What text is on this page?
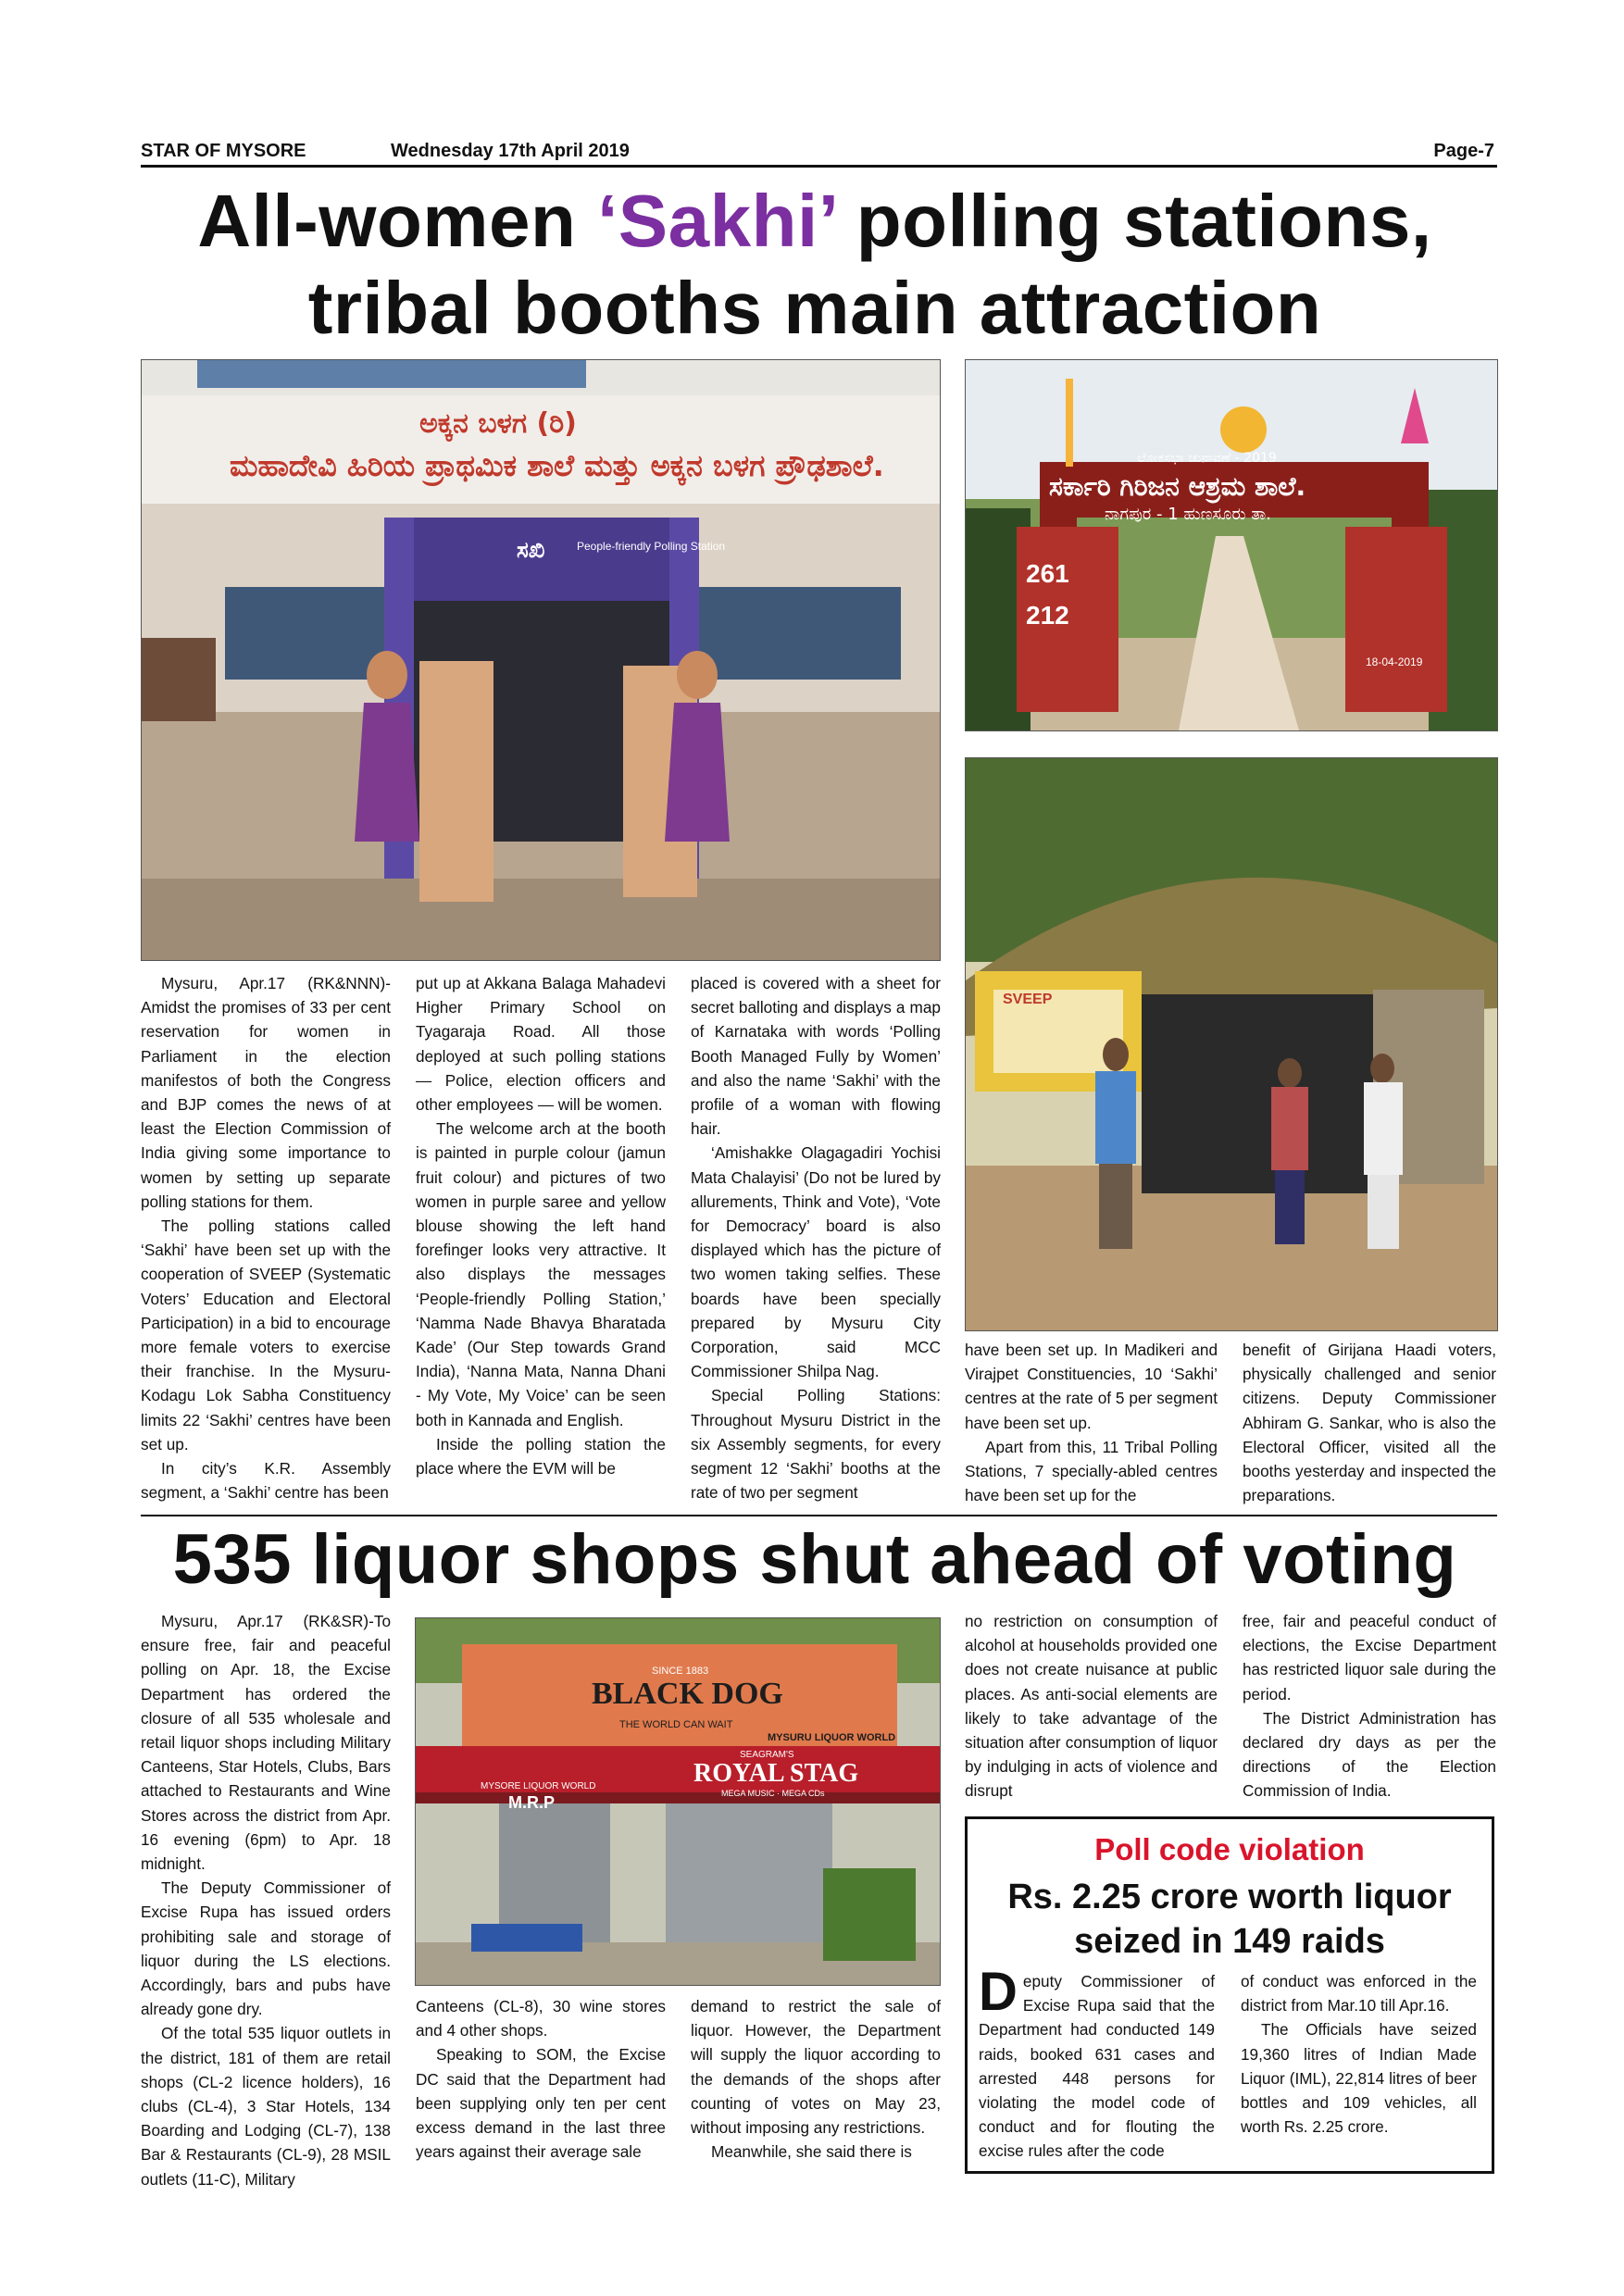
STAR OF MYSORE	Wednesday 17th April 2019	Page-7
All-women ‘Sakhi’ polling stations,
tribal booths main attraction
ಅಕ್ಕನ ಬಳಗ (ರಿ)
ಮಹಾದೇವಿ ಹಿರಿಯ ಪ್ರಾಥಮಿಕ ಶಾಲೆ ಮತ್ತು ಅಕ್ಕನ ಬಳಗ ಪ್ರೌಢಶಾಲೆ.
ಸಖಿ	People-friendly Polling Station
ಲೋಕಸಭಾ ಚುನಾವಣೆ - 2019
ಸರ್ಕಾರಿ ಗಿರಿಜನ ಆಶ್ರಮ ಶಾಲೆ.
ನಾಗಪುರ - 1 ಹುಣಸೂರು ತಾ.
261
212
18-04-2019
SVEEP

Mysuru, Apr.17 (RK&NNN)- Amidst the promises of 33 per cent reservation for women in Parliament in the election manifestos of both the Congress and BJP comes the news of at least the Election Commission of India giving some importance to women by setting up separate polling stations for them.

The polling stations called ‘Sakhi’ have been set up with the cooperation of SVEEP (Systematic Voters’ Education and Electoral Participation) in a bid to encourage more female voters to exercise their franchise. In the Mysuru-Kodagu Lok Sabha Constituency limits 22 ‘Sakhi’ centres have been set up.

In city’s K.R. Assembly segment, a ‘Sakhi’ centre has been

put up at Akkana Balaga Mahadevi Higher Primary School on Tyagaraja Road. All those deployed at such polling stations — Police, election officers and other employees — will be women.

The welcome arch at the booth is painted in purple colour (jamun fruit colour) and pictures of two women in purple saree and yellow blouse showing the left hand forefinger looks very attractive. It also displays the messages ‘People-friendly Polling Station,’ ‘Namma Nade Bhavya Bharatada Kade’ (Our Step towards Grand India), ‘Nanna Mata, Nanna Dhani - My Vote, My Voice’ can be seen both in Kannada and English.

Inside the polling station the place where the EVM will be

placed is covered with a sheet for secret balloting and displays a map of Karnataka with words ‘Polling Booth Managed Fully by Women’ and also the name ‘Sakhi’ with the profile of a woman with flowing hair.

‘Amishakke Olagagadiri Yochisi Mata Chalayisi’ (Do not be lured by allurements, Think and Vote), ‘Vote for Democracy’ board is also displayed which has the picture of two women taking selfies. These boards have been specially prepared by Mysuru City Corporation, said MCC Commissioner Shilpa Nag.

Special Polling Stations: Throughout Mysuru District in the six Assembly segments, for every segment 12 ‘Sakhi’ booths at the rate of two per segment

have been set up. In Madikeri and Virajpet Constituencies, 10 ‘Sakhi’ centres at the rate of 5 per segment have been set up.

Apart from this, 11 Tribal Polling Stations, 7 specially-abled centres have been set up for the

benefit of Girijana Haadi voters, physically challenged and senior citizens. Deputy Commissioner Abhiram G. Sankar, who is also the Electoral Officer, visited all the booths yesterday and inspected the preparations.

535 liquor shops shut ahead of voting
SINCE 1883
BLACK DOG
THE WORLD CAN WAIT
MYSURU LIQUOR WORLD
MYSORE LIQUOR WORLD
SEAGRAM'S
ROYAL STAG
MEGA MUSIC · MEGA CDs
M.R.P

Mysuru, Apr.17 (RK&SR)-To ensure free, fair and peaceful polling on Apr. 18, the Excise Department has ordered the closure of all 535 wholesale and retail liquor shops including Military Canteens, Star Hotels, Clubs, Bars attached to Restaurants and Wine Stores across the district from Apr. 16 evening (6pm) to Apr. 18 midnight.

The Deputy Commissioner of Excise Rupa has issued orders prohibiting sale and storage of liquor during the LS elections. Accordingly, bars and pubs have already gone dry.

Of the total 535 liquor outlets in the district, 181 of them are retail shops (CL-2 licence holders), 16 clubs (CL-4), 3 Star Hotels, 134 Boarding and Lodging (CL-7), 138 Bar & Restaurants (CL-9), 28 MSIL outlets (11-C), Military

Canteens (CL-8), 30 wine stores and 4 other shops.

Speaking to SOM, the Excise DC said that the Department had been supplying only ten per cent excess demand in the last three years against their average sale

demand to restrict the sale of liquor. However, the Department will supply the liquor according to the demands of the shops after counting of votes on May 23, without imposing any restrictions.

Meanwhile, she said there is

no restriction on consumption of alcohol at households provided one does not create nuisance at public places. As anti-social elements are likely to take advantage of the situation after consumption of liquor by indulging in acts of violence and disrupt

free, fair and peaceful conduct of elections, the Excise Department has restricted liquor sale during the period.

The District Administration has declared dry days as per the directions of the Election Commission of India.

Poll code violation
Rs. 2.25 crore worth liquor seized in 149 raids
Deputy Commissioner of Excise Rupa said that the Department had conducted 149 raids, booked 631 cases and arrested 448 persons for violating the model code of conduct and for flouting the excise rules after the code

of conduct was enforced in the district from Mar.10 till Apr.16.

The Officials have seized 19,360 litres of Indian Made Liquor (IML), 22,814 litres of beer bottles and 109 vehicles, all worth Rs. 2.25 crore.
